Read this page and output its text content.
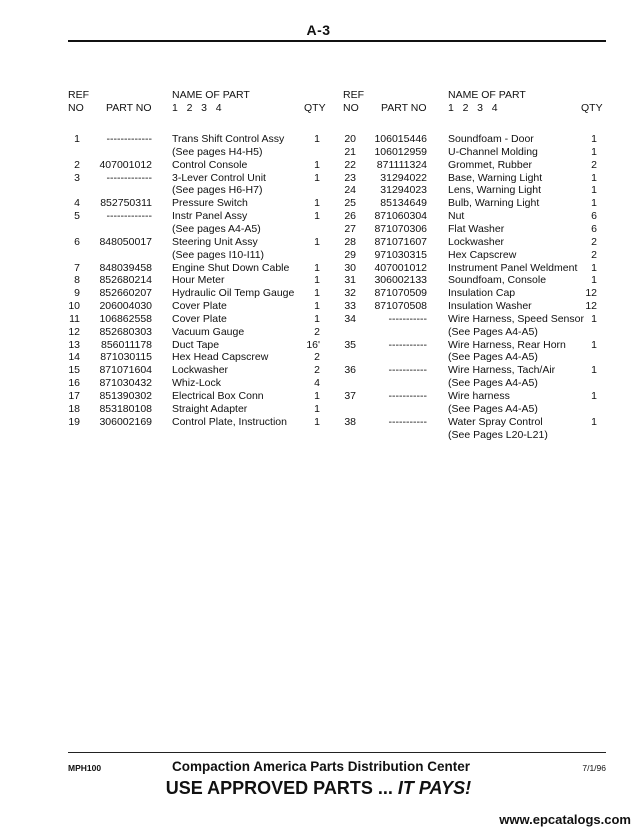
A-3
REF
NO PART NO
NAME OF PART
1   2   3   4	QTY
REF
NO PART NO
NAME OF PART
1   2   3   4	QTY
1	------------- Trans Shift Control Assy	1
(See pages H4-H5)
2 407001012 Control Console	1
3	------------- 3-Lever Control Unit	1
(See pages H6-H7)
4 852750311 Pressure Switch	1
5	------------- Instr Panel Assy	1
(See pages A4-A5)
6 848050017 Steering Unit Assy	1
(See pages I10-I11)
7 848039458 Engine Shut Down Cable 1
8 852680214 Hour Meter	1
9 852660207 Hydraulic Oil Temp Gauge 1
10 206004030 Cover Plate	1
11 106862558 Cover Plate	1
12 852680303 Vacuum Gauge	2
13 856011178 Duct Tape	16'
14 871030115 Hex Head Capscrew	2
15 871071604 Lockwasher	2
16 871030432 Whiz-Lock	4
17 851390302 Electrical Box Conn	1
18 853180108 Straight Adapter	1
19 306002169 Control Plate, Instruction	1
20 106015446 Soundfoam - Door	1
21 106012959 U-Channel Molding	1
22 871111324 Grommet, Rubber	2
23 31294022 Base, Warning Light	1
24 31294023 Lens, Warning Light	1
25 85134649 Bulb, Warning Light	1
26 871060304 Nut	6
27 871070306 Flat Washer	6
28 871071607 Lockwasher	2
29 971030315 Hex Capscrew	2
30 407001012 Instrument Panel Weldment 1
31 306002133 Soundfoam, Console	1
32 871070509 Insulation Cap	12
33 871070508 Insulation Washer	12
34	----------- Wire Harness, Speed Sensor 1
(See Pages A4-A5)
35	----------- Wire Harness, Rear Horn 1
(See Pages A4-A5)
36	----------- Wire Harness, Tach/Air	1
(See Pages A4-A5)
37	----------- Wire harness	1
(See Pages A4-A5)
38	----------- Water Spray Control	1
(See Pages L20-L21)
MPH100	Compaction America Parts Distribution Center	7/1/96
USE APPROVED PARTS ... IT PAYS!
www.epcatalogs.com
